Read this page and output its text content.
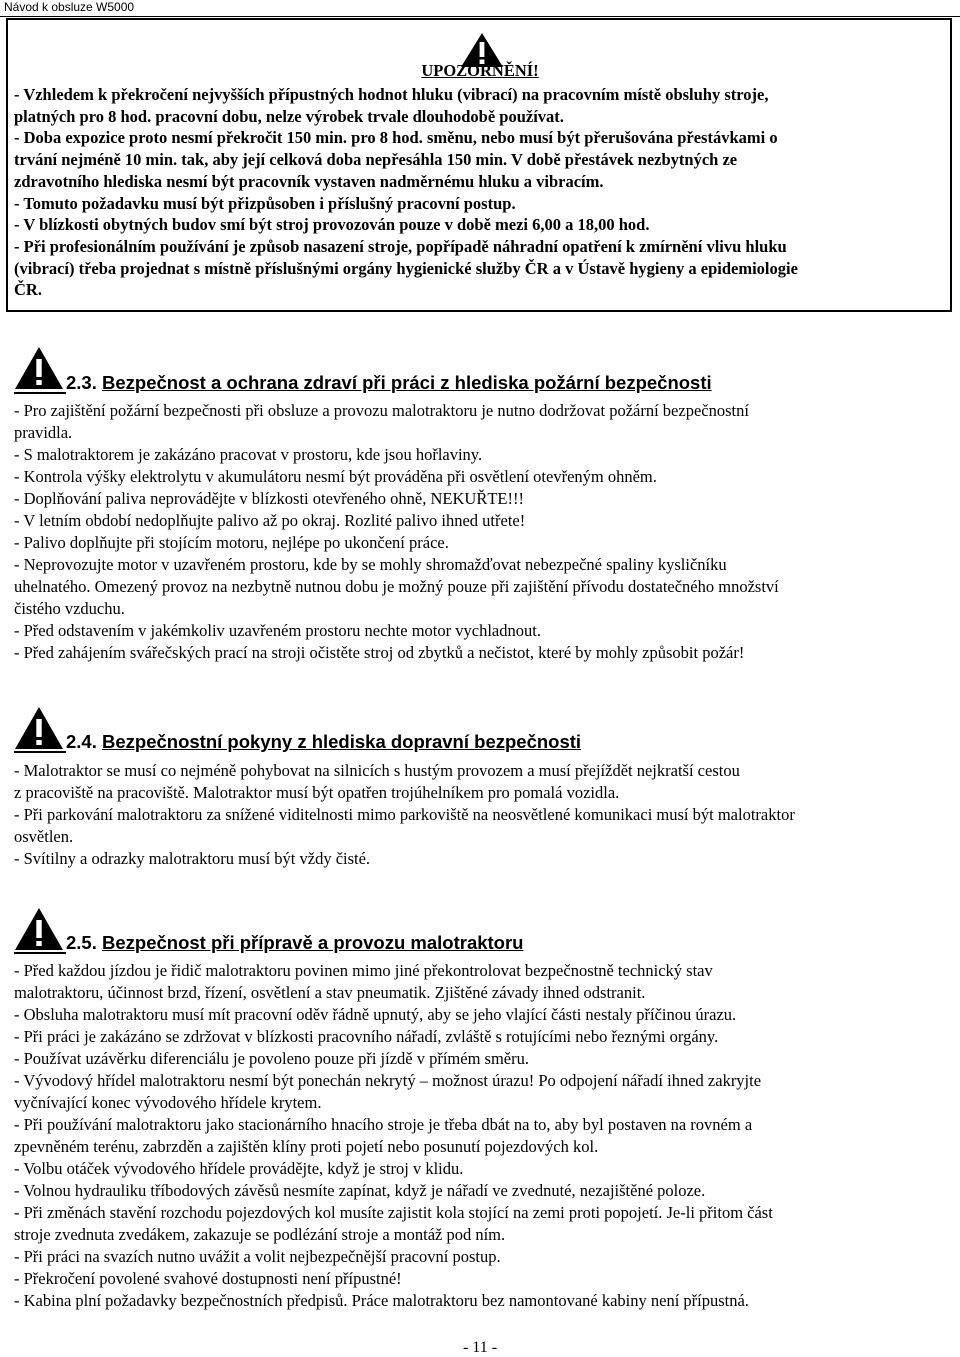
Návod k obsluze W5000
UPOZORNĚNÍ!
- Vzhledem k překročení nejvyšších přípustných hodnot hluku (vibrací) na pracovním místě obsluhy stroje,
platných pro 8 hod. pracovní dobu, nelze výrobek trvale dlouhodobě používat.
- Doba expozice proto nesmí překročit 150 min. pro 8 hod. směnu, nebo musí být přerušována přestávkami o
trvání nejméně 10 min. tak, aby její celková doba nepřesáhla 150 min. V době přestávek nezbytných ze
zdravotního hlediska nesmí být pracovník vystaven nadměrnému hluku a vibracím.
- Tomuto požadavku musí být přizpůsoben i příslušný pracovní postup.
- V blízkosti obytných budov smí být stroj provozován pouze v době mezi 6,00 a 18,00 hod.
- Při profesionálním používání je způsob nasazení stroje, popřípadě náhradní opatření k zmírnění vlivu hluku
(vibrací) třeba projednat s místně příslušnými orgány hygienické služby ČR a v Ústavě hygieny a epidemiologie
ČR.
2.3. Bezpečnost a ochrana zdraví při práci z hlediska požární bezpečnosti
- Pro zajištění požární bezpečnosti při obsluze a provozu malotraktoru je nutno dodržovat požární bezpečnostní
pravidla.
- S malotraktorem je zakázáno pracovat v prostoru, kde jsou hořlaviny.
- Kontrola výšky elektrolytu v akumulátoru nesmí být prováděna při osvětlení otevřeným ohněm.
- Doplňování paliva neprovádějte v blízkosti otevřeného ohně, NEKUŘTE!!!
- V letním období nedoplňujte palivo až po okraj. Rozlité palivo ihned utřete!
- Palivo doplňujte při stojícím motoru, nejlépe po ukončení práce.
- Neprovozujte motor v uzavřeném prostoru, kde by se mohly shromažďovat nebezpečné spaliny kysličníku
uhelnatého. Omezený provoz na nezbytně nutnou dobu je možný pouze při zajištění přívodu dostatečného množství
čistého vzduchu.
- Před odstavením v jakémkoliv uzavřeném prostoru nechte motor vychladnout.
- Před zahájením svářečských prací na stroji očistěte stroj od zbytků a nečistot, které by mohly způsobit požár!
2.4. Bezpečnostní pokyny z hlediska dopravní bezpečnosti
- Malotraktor se musí co nejméně pohybovat na silnicích s hustým provozem a musí přejíždět nejkratší cestou
z pracoviště na pracoviště. Malotraktor musí být opatřen trojúhelníkem pro pomalá vozidla.
- Při parkování malotraktoru za snížené viditelnosti mimo parkoviště na neosvětlené komunikaci musí být malotraktor
osvětlen.
- Svítilny a odrazky malotraktoru musí být vždy čisté.
2.5. Bezpečnost při přípravě a provozu malotraktoru
- Před každou jízdou je řidič malotraktoru povinen mimo jiné překontrolovat bezpečnostně technický stav
malotraktoru, účinnost brzd, řízení, osvětlení a stav pneumatik. Zjištěné závady ihned odstranit.
- Obsluha malotraktoru musí mít pracovní oděv řádně upnutý, aby se jeho vlající části nestaly příčinou úrazu.
- Při práci je zakázáno se zdržovat v blízkosti pracovního nářadí, zvláště s rotujícími nebo řeznými orgány.
- Používat uzávěrku diferenciálu je povoleno pouze při jízdě v přímém směru.
- Vývodový hřídel malotraktoru nesmí být ponechán nekrytý – možnost úrazu! Po odpojení nářadí ihned zakryjte
vyčnívající konec vývodového hřídele krytem.
- Při používání malotraktoru jako stacionárního hnacího stroje je třeba dbát na to, aby byl postaven na rovném a
zpevněném terénu, zabrzděn a zajištěn klíny proti pojetí nebo posunutí pojezdových kol.
- Volbu otáček vývodového hřídele provádějte, když je stroj v klidu.
- Volnou hydrauliku tříbodových závěsů nesmíte zapínat, když je nářadí ve zvednuté, nezajištěné poloze.
- Při změnách stavění rozchodu pojezdových kol musíte zajistit kola stojící na zemi proti popojetí. Je-li přitom část
stroje zvednuta zvedákem, zakazuje se podlézání stroje a montáž pod ním.
- Při práci na svazích nutno uvážit a volit nejbezpečnější pracovní postup.
- Překročení povolené svahové dostupnosti není přípustné!
- Kabina plní požadavky bezpečnostních předpisů. Práce malotraktoru bez namontované kabiny není přípustná.
- 11 -
